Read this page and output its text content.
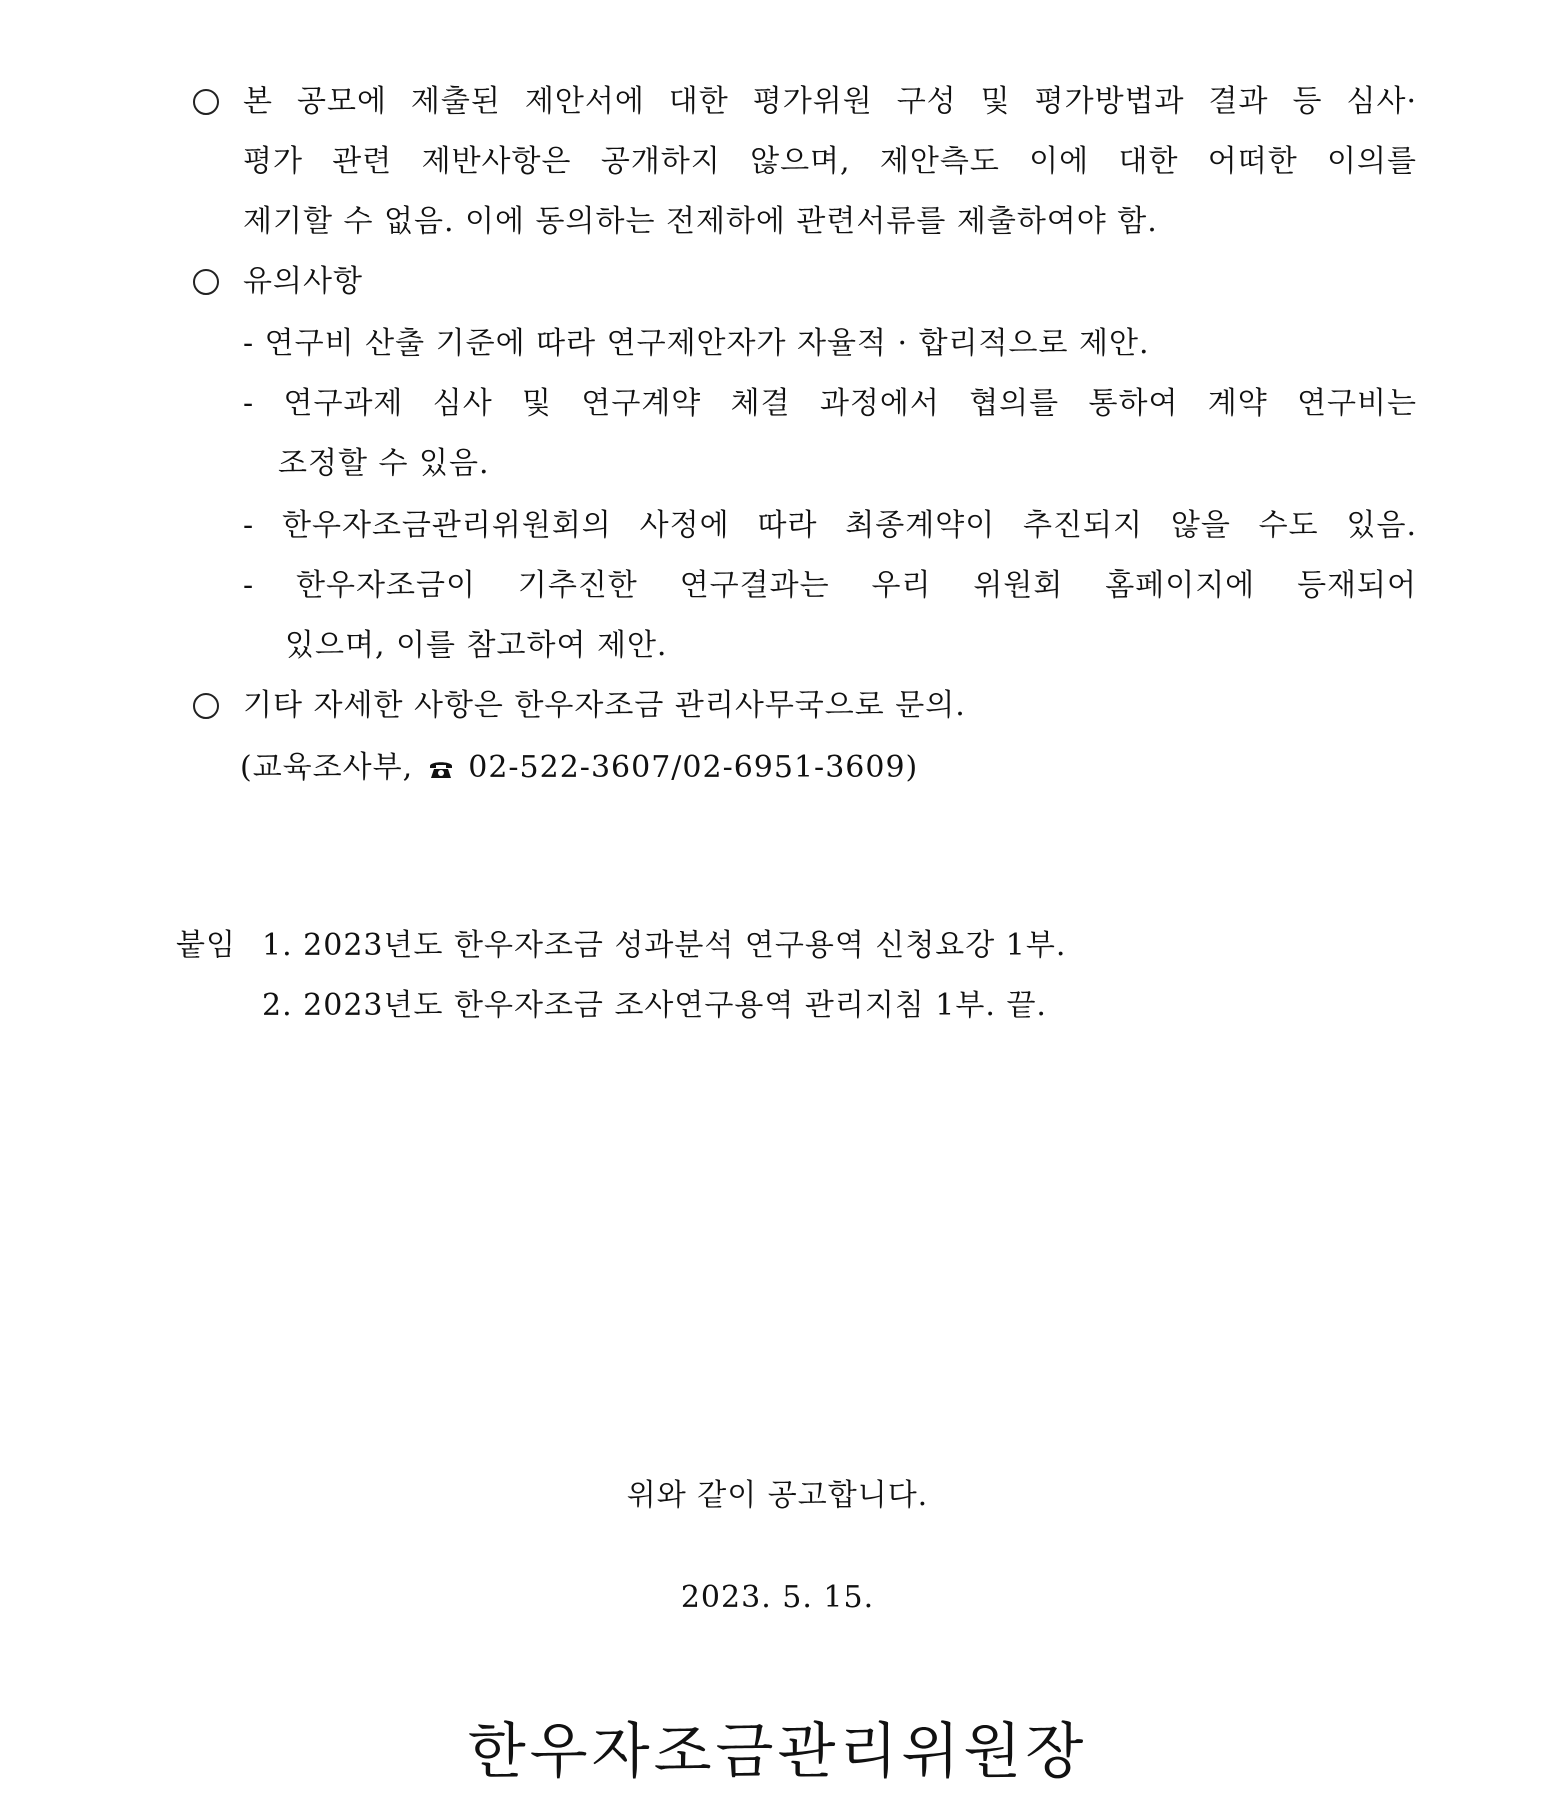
본 공모에 제출된 제안서에 대한 평가위원 구성 및 평가방법과 결과 등 심사·
평가 관련 제반사항은 공개하지 않으며, 제안측도 이에 대한 어떠한 이의를
제기할 수 없음. 이에 동의하는 전제하에 관련서류를 제출하여야 함.
유의사항
- 연구비 산출 기준에 따라 연구제안자가 자율적 · 합리적으로 제안.
- 연구과제 심사 및 연구계약 체결 과정에서 협의를 통하여 계약 연구비는
조정할 수 있음.
- 한우자조금관리위원회의 사정에 따라 최종계약이 추진되지 않을 수도 있음.
- 한우자조금이 기추진한 연구결과는 우리 위원회 홈페이지에 등재되어
있으며, 이를 참고하여 제안.
기타 자세한 사항은 한우자조금 관리사무국으로 문의.
(교육조사부, 02-522-3607/02-6951-3609)
붙임 1. 2023년도 한우자조금 성과분석 연구용역 신청요강 1부.
2. 2023년도 한우자조금 조사연구용역 관리지침 1부. 끝.
위와 같이 공고합니다.
2023. 5. 15.
한우자조금관리위원장
